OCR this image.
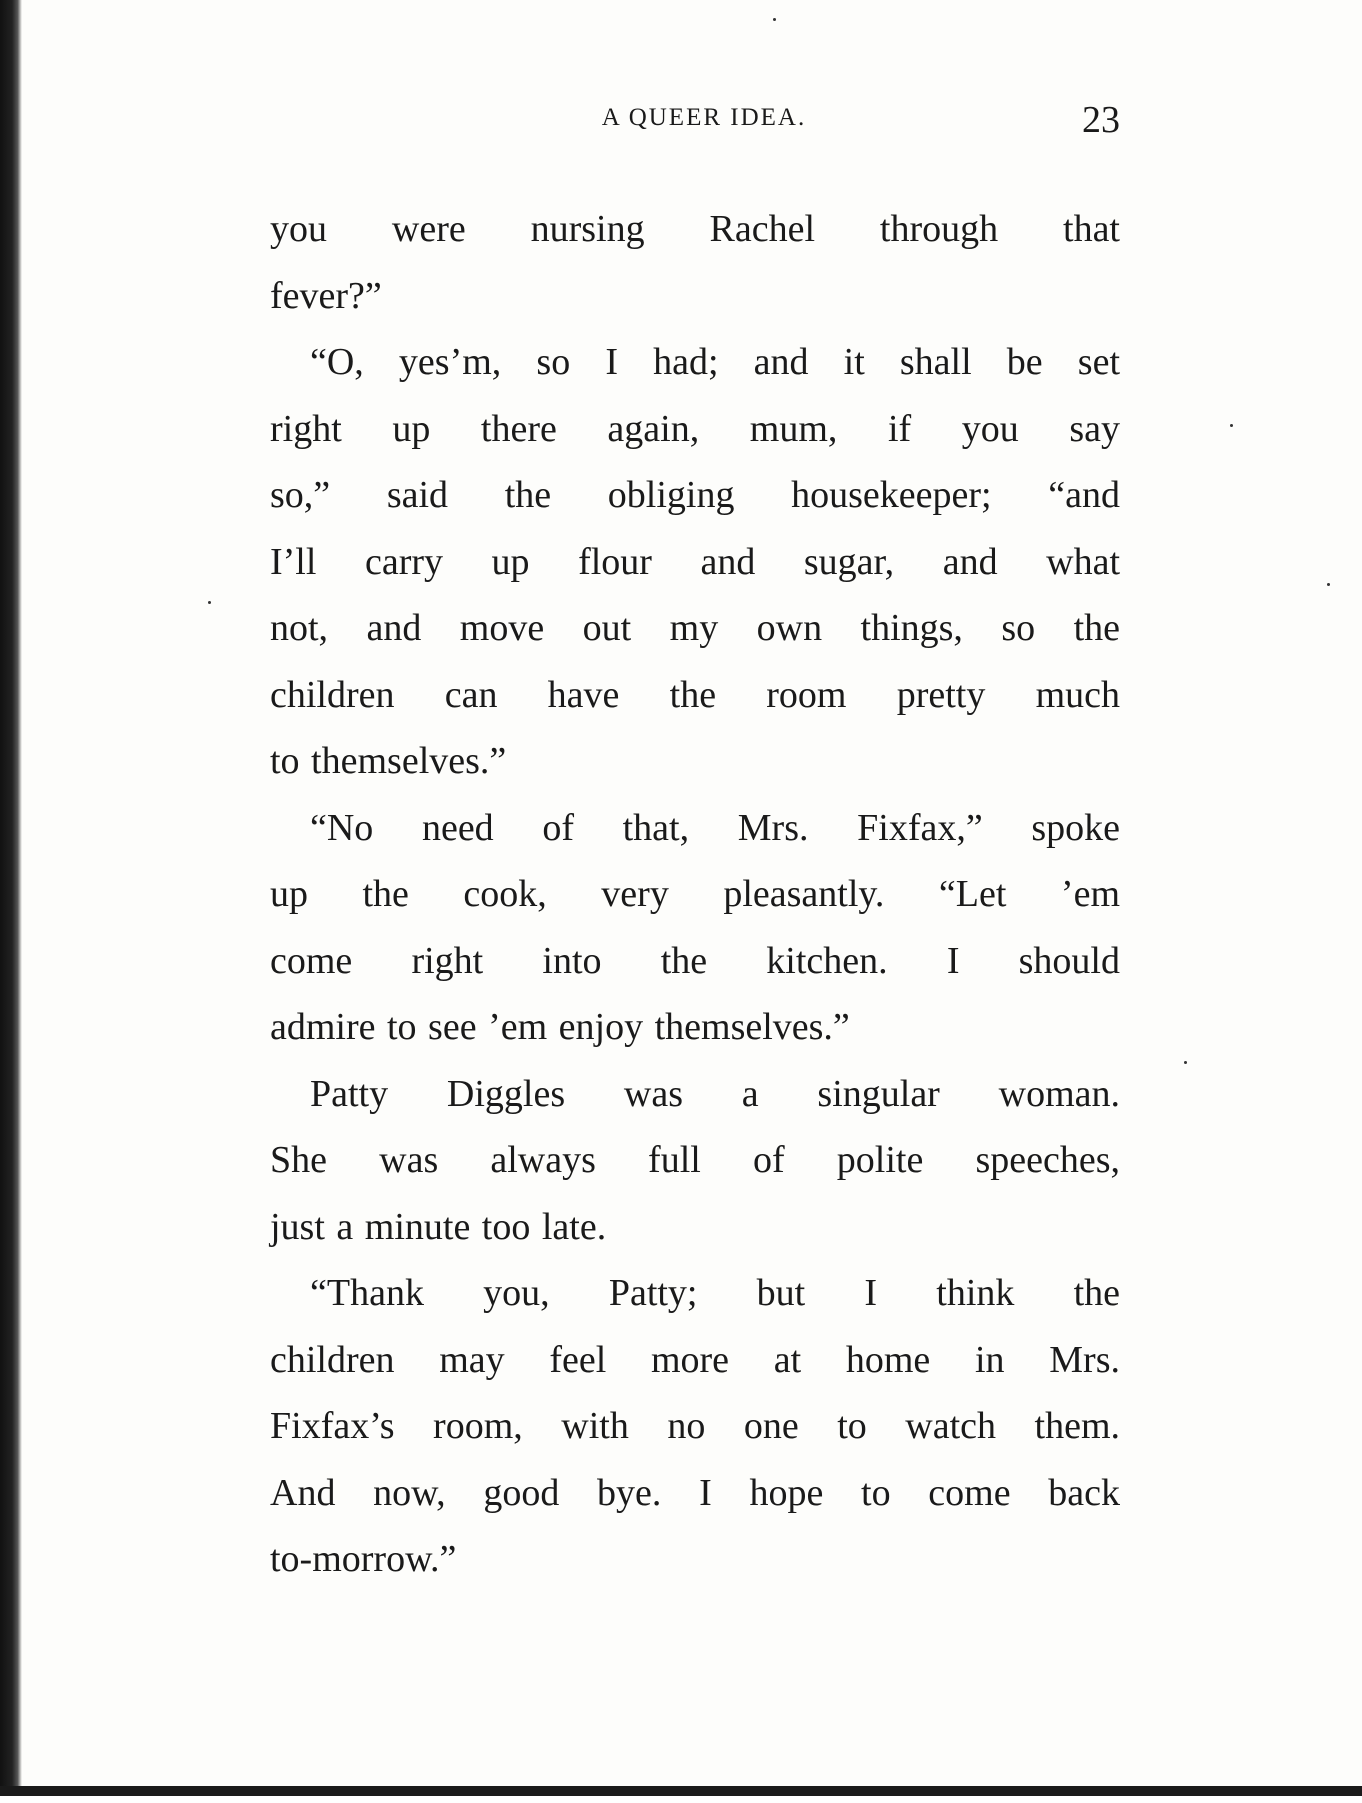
A QUEER IDEA.	23

you were nursing Rachel through that
fever?”

“O, yes’m, so I had; and it shall be set
right up there again, mum, if you say
so,” said the obliging housekeeper; “and
I’ll carry up flour and sugar, and what
not, and move out my own things, so the
children can have the room pretty much
to themselves.”

“No need of that, Mrs. Fixfax,” spoke
up the cook, very pleasantly. “Let ’em
come right into the kitchen. I should
admire to see ’em enjoy themselves.”

Patty Diggles was a singular woman.
She was always full of polite speeches,
just a minute too late.

“Thank you, Patty; but I think the
children may feel more at home in Mrs.
Fixfax’s room, with no one to watch them.
And now, good bye. I hope to come back
to-morrow.”
